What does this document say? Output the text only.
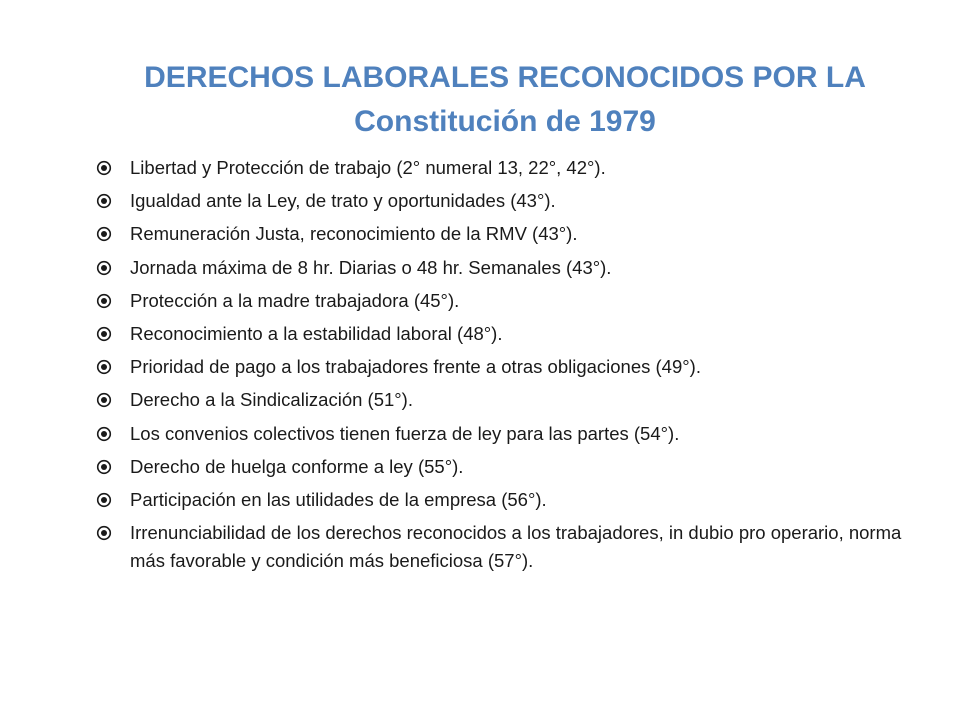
DERECHOS LABORALES RECONOCIDOS POR LA
Constitución de 1979
Libertad y Protección de trabajo (2° numeral 13, 22°, 42°).
Igualdad ante la Ley, de trato y oportunidades (43°).
Remuneración Justa, reconocimiento de la RMV (43°).
Jornada máxima de 8 hr. Diarias o 48 hr. Semanales (43°).
Protección a la madre trabajadora (45°).
Reconocimiento a la estabilidad laboral (48°).
Prioridad de pago a los trabajadores frente a otras obligaciones (49°).
Derecho a la Sindicalización (51°).
Los convenios colectivos tienen fuerza de ley para las partes (54°).
Derecho de huelga conforme a ley (55°).
Participación en las utilidades de la empresa (56°).
Irrenunciabilidad de los derechos reconocidos a los trabajadores, in dubio pro operario, norma más favorable y condición más beneficiosa (57°).
